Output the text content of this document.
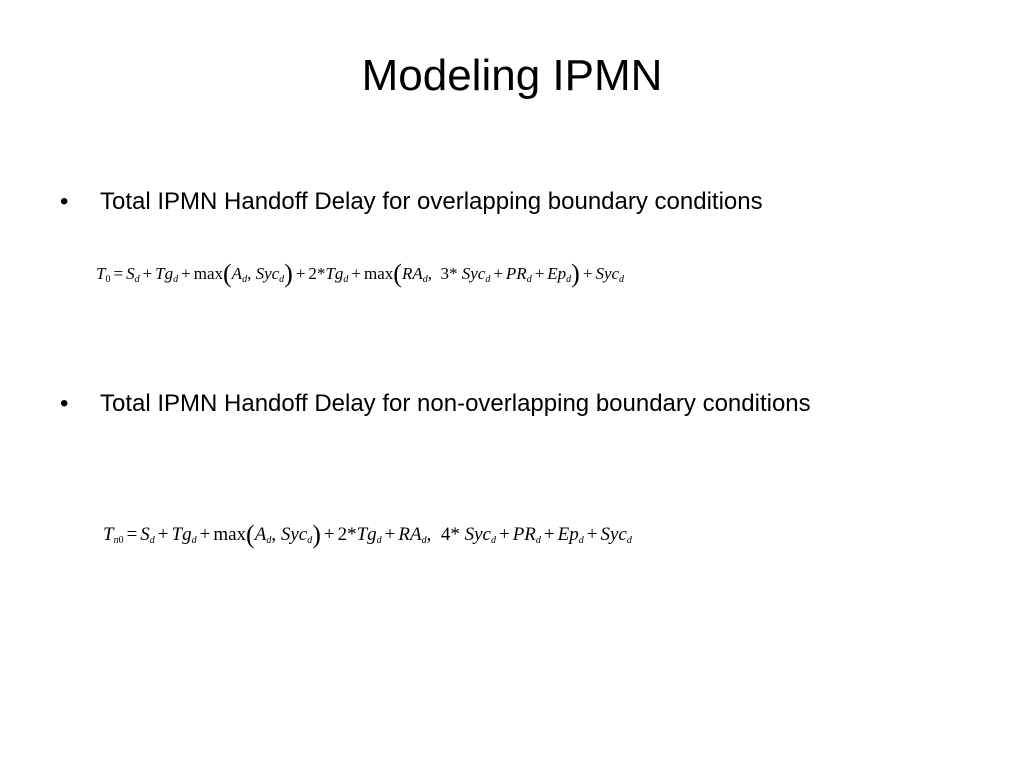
Modeling IPMN
•	Total IPMN Handoff Delay for overlapping boundary conditions
$T_0 = S_d + Tg_d + \max(A_d$, $Syc_d) + 2*Tg_d + \max(RA_d$,  3* $Syc_d + PR_d + Ep_d) + Syc_d$
•	Total IPMN Handoff Delay for non-overlapping boundary conditions
$T_{n0} = S_d + Tg_d + \max(A_d$, $Syc_d) + 2*Tg_d + RA_d$,  4* $Syc_d + PR_d + Ep_d + Syc_d$
